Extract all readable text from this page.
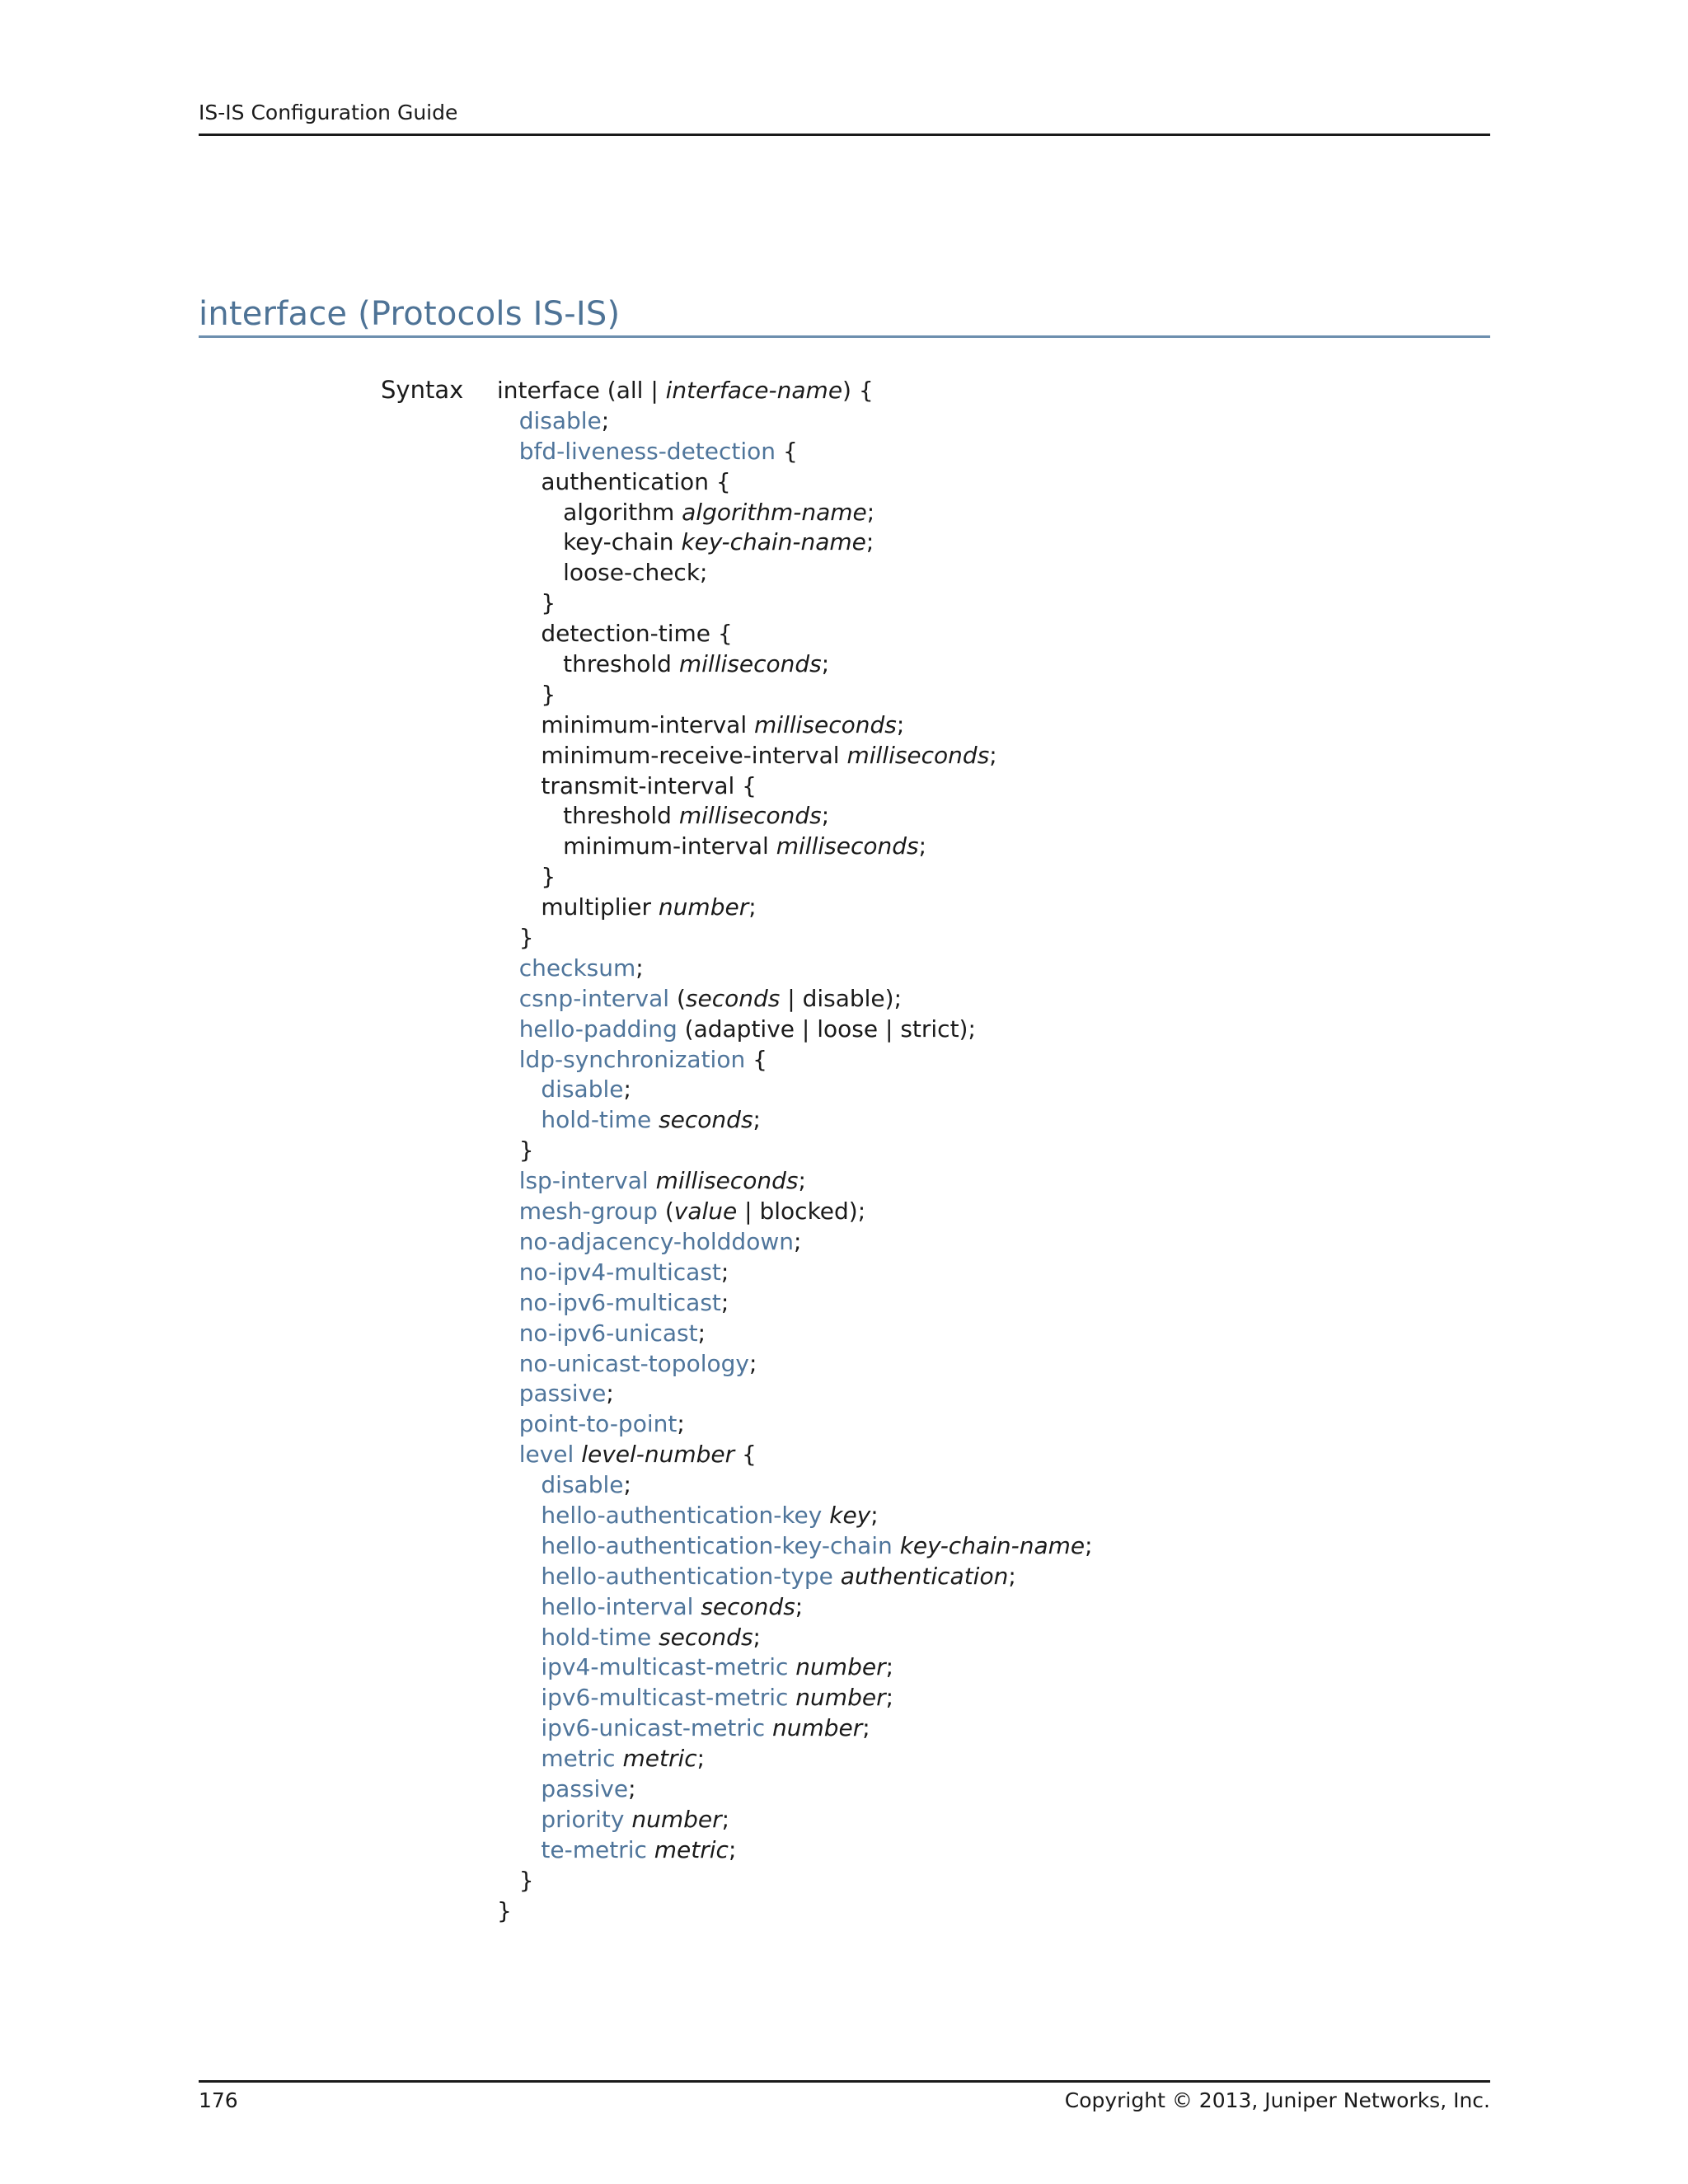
IS-IS Configuration Guide
interface (Protocols IS-IS)
Syntax interface (all | interface-name) {
disable;
bfd-liveness-detection {
authentication {
algorithm algorithm-name;
key-chain key-chain-name;
loose-check;
}
detection-time {
threshold milliseconds;
}
minimum-interval milliseconds;
minimum-receive-interval milliseconds;
transmit-interval {
threshold milliseconds;
minimum-interval milliseconds;
}
multiplier number;
}
checksum;
csnp-interval (seconds | disable);
hello-padding (adaptive | loose | strict);
ldp-synchronization {
disable;
hold-time seconds;
}
lsp-interval milliseconds;
mesh-group (value | blocked);
no-adjacency-holddown;
no-ipv4-multicast;
no-ipv6-multicast;
no-ipv6-unicast;
no-unicast-topology;
passive;
point-to-point;
level level-number {
disable;
hello-authentication-key key;
hello-authentication-key-chain key-chain-name;
hello-authentication-type authentication;
hello-interval seconds;
hold-time seconds;
ipv4-multicast-metric number;
ipv6-multicast-metric number;
ipv6-unicast-metric number;
metric metric;
passive;
priority number;
te-metric metric;
}
}
176	Copyright © 2013, Juniper Networks, Inc.
